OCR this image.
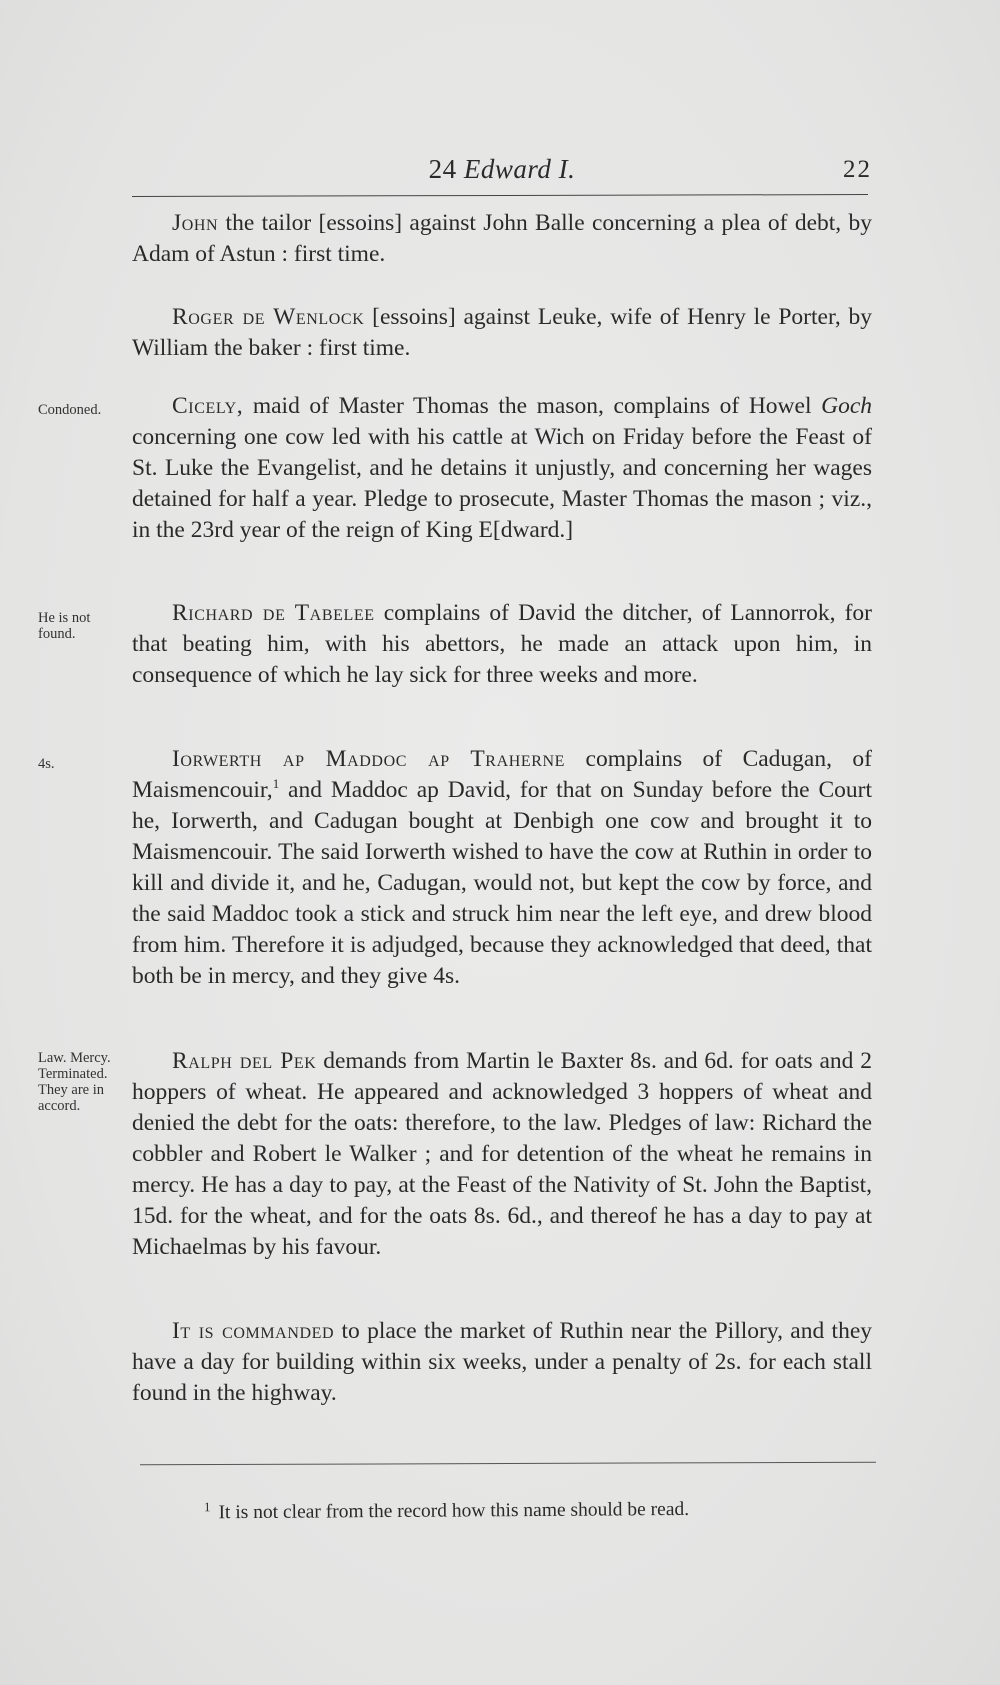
24 Edward I.	22

John the tailor [essoins] against John Balle concerning a plea of debt, by Adam of Astun : first time.

Roger de Wenlock [essoins] against Leuke, wife of Henry le Porter, by William the baker : first time.

Condoned.	Cicely, maid of Master Thomas the mason, complains of Howel Goch concerning one cow led with his cattle at Wich on Friday before the Feast of St. Luke the Evangelist, and he detains it unjustly, and concerning her wages detained for half a year. Pledge to prosecute, Master Thomas the mason ; viz., in the 23rd year of the reign of King E[dward.]

He is not found.

Richard de Tabelee complains of David the ditcher, of Lannorrok, for that beating him, with his abettors, he made an attack upon him, in consequence of which he lay sick for three weeks and more.

4s.	Iorwerth ap Maddoc ap Traherne complains of Cadugan, of Maismencouir,$^1$ and Maddoc ap David, for that on Sunday before the Court he, Iorwerth, and Cadugan bought at Denbigh one cow and brought it to Maismencouir. The said Iorwerth wished to have the cow at Ruthin in order to kill and divide it, and he, Cadugan, would not, but kept the cow by force, and the said Maddoc took a stick and struck him near the left eye, and drew blood from him. Therefore it is adjudged, because they acknowledged that deed, that both be in mercy, and they give 4s.

Law. Mercy. Terminated. They are in accord.

Ralph del Pek demands from Martin le Baxter 8s. and 6d. for oats and 2 hoppers of wheat. He appeared and acknowledged 3 hoppers of wheat and denied the debt for the oats: therefore, to the law. Pledges of law: Richard the cobbler and Robert le Walker ; and for detention of the wheat he remains in mercy. He has a day to pay, at the Feast of the Nativity of St. John the Baptist, 15d. for the wheat, and for the oats 8s. 6d., and thereof he has a day to pay at Michaelmas by his favour.

It is commanded to place the market of Ruthin near the Pillory, and they have a day for building within six weeks, under a penalty of 2s. for each stall found in the highway.

$^1$ It is not clear from the record how this name should be read.
